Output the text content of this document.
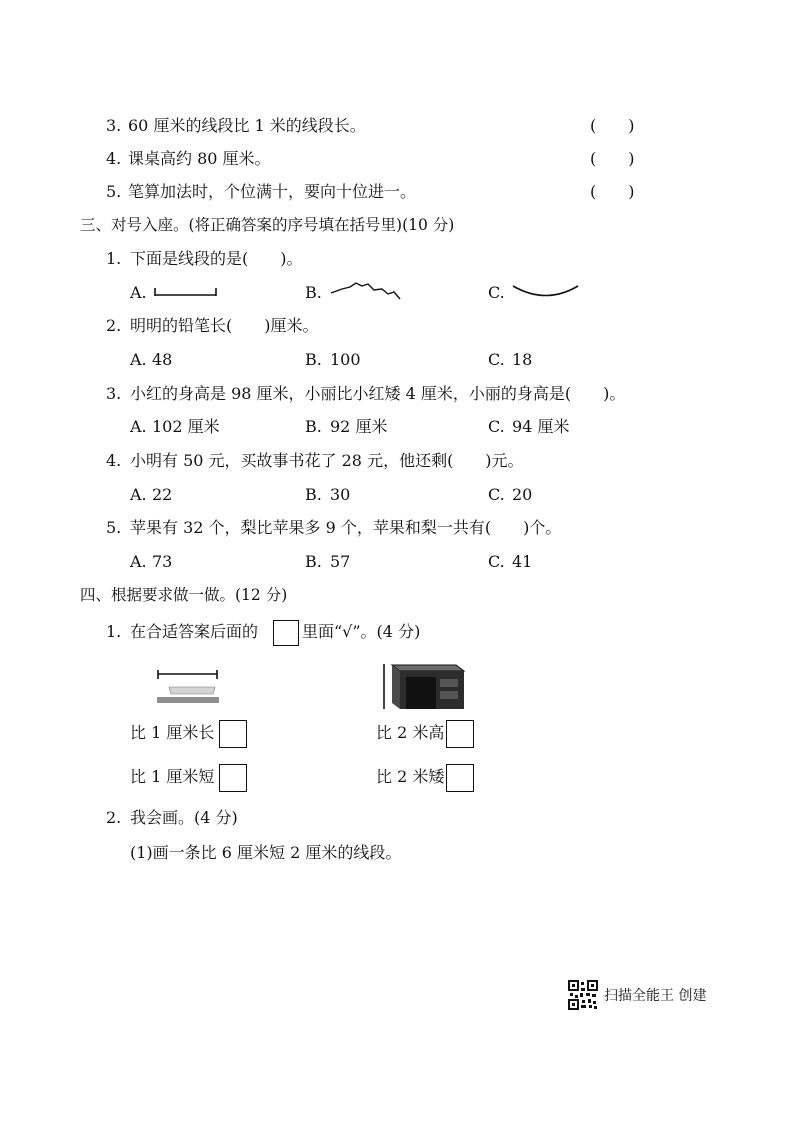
3. 60 厘米的线段比 1 米的线段长。	(　　)
4. 课桌高约 80 厘米。	(　　)
5. 笔算加法时，个位满十，要向十位进一。	(　　)
三、对号入座。(将正确答案的序号填在括号里)(10 分)
1. 下面是线段的是(　　)。
A.	B.	C.
2. 明明的铅笔长(　　)厘米。
A. 48	B. 100	C. 18
3. 小红的身高是 98 厘米，小丽比小红矮 4 厘米，小丽的身高是(　　)。
A. 102 厘米	B. 92 厘米	C. 94 厘米
4. 小明有 50 元，买故事书花了 28 元，他还剩(　　)元。
A. 22	B. 30	C. 20
5. 苹果有 32 个，梨比苹果多 9 个，苹果和梨一共有(　　)个。
A. 73	B. 57	C. 41
四、根据要求做一做。(12 分)
1. 在合适答案后面的	里面“√”。(4 分)
比 1 厘米长	比 2 米高
比 1 厘米短	比 2 米矮
2. 我会画。(4 分)
(1)画一条比 6 厘米短 2 厘米的线段。
扫描全能王 创建
